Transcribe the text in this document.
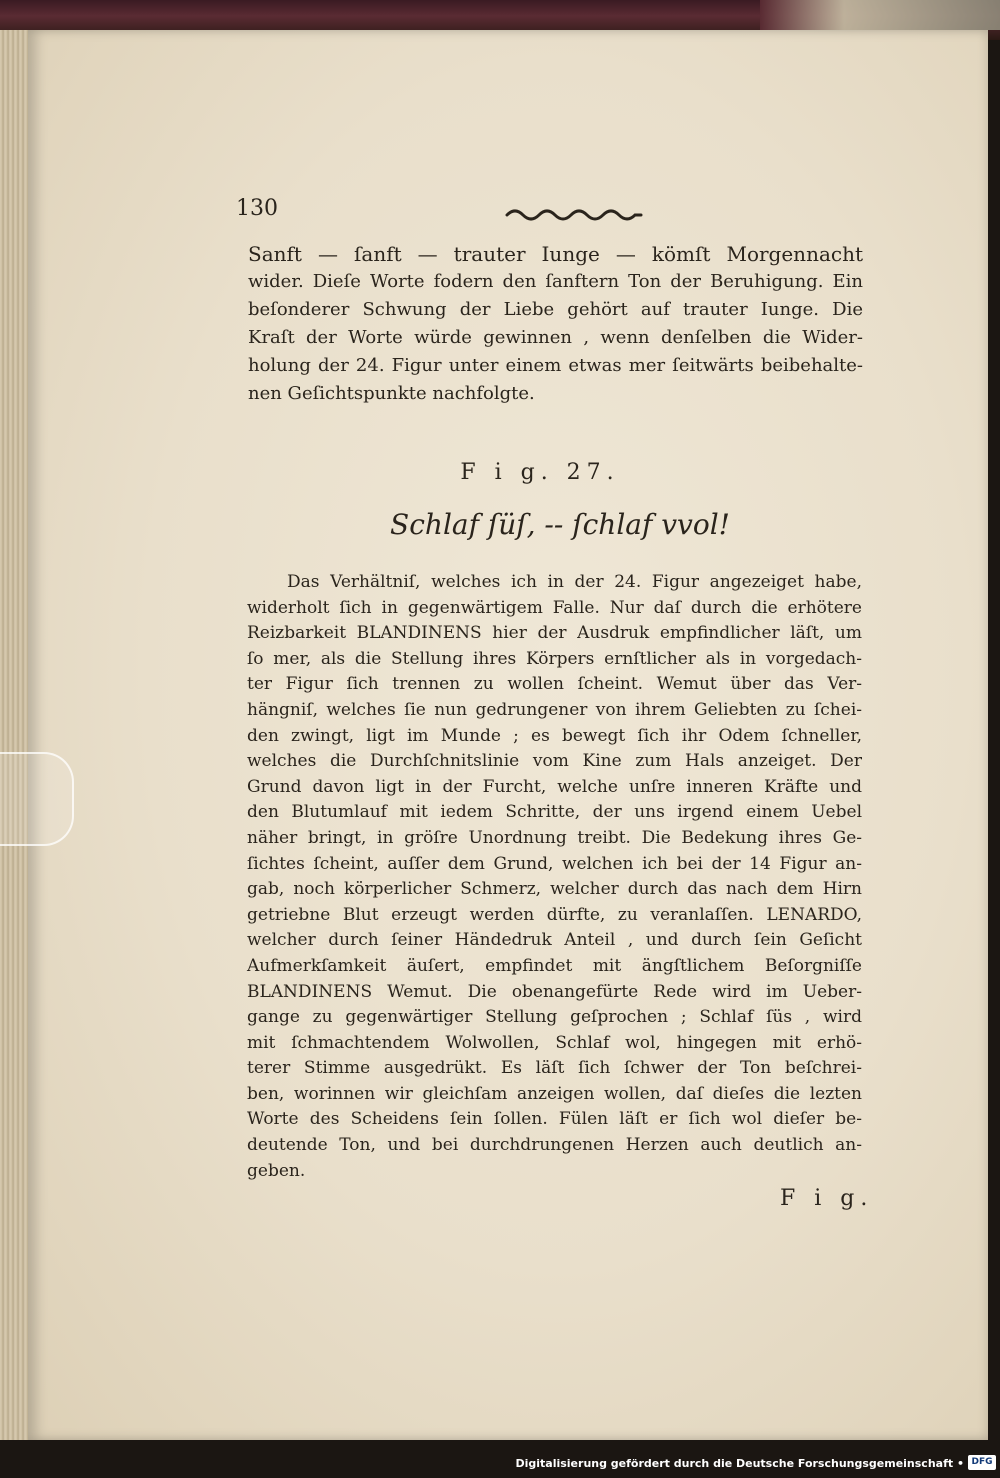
130
Sanft — ſanft — trauter Iunge — kömſt Morgennacht
wider. Dieſe Worte fodern den ſanftern Ton der Beruhigung. Ein
beſonderer Schwung der Liebe gehört auf trauter Iunge. Die
Kraſt der Worte würde gewinnen , wenn denſelben die Wider-
holung der 24. Figur unter einem etwas mer ſeitwärts beibehalte-
nen Geſichtspunkte nachfolgte.
F i g. 27.
Schlaf ſüſ, -- ſchlaf vvol!
Das Verhältniſ, welches ich in der 24. Figur angezeiget habe,
widerholt ſich in gegenwärtigem Falle. Nur daſ durch die erhötere
Reizbarkeit BLANDINENS hier der Ausdruk empfindlicher läſt, um
ſo mer, als die Stellung ihres Körpers ernſtlicher als in vorgedach-
ter Figur ſich trennen zu wollen ſcheint. Wemut über das Ver-
hängniſ, welches ſie nun gedrungener von ihrem Geliebten zu ſchei-
den zwingt, ligt im Munde ; es bewegt ſich ihr Odem ſchneller,
welches die Durchſchnitslinie vom Kine zum Hals anzeiget. Der
Grund davon ligt in der Furcht, welche unſre inneren Kräfte und
den Blutumlauf mit iedem Schritte, der uns irgend einem Uebel
näher bringt, in gröſre Unordnung treibt. Die Bedekung ihres Ge-
ſichtes ſcheint, auſſer dem Grund, welchen ich bei der 14 Figur an-
gab, noch körperlicher Schmerz, welcher durch das nach dem Hirn
getriebne Blut erzeugt werden dürfte, zu veranlaſſen. LENARDO,
welcher durch ſeiner Händedruk Anteil , und durch ſein Geſicht
Aufmerkſamkeit äuſert, empfindet mit ängſtlichem Beſorgniſſe
BLANDINENS Wemut. Die obenangefürte Rede wird im Ueber-
gange zu gegenwärtiger Stellung geſprochen ; Schlaf ſüs , wird
mit ſchmachtendem Wolwollen, Schlaf wol, hingegen mit erhö-
terer Stimme ausgedrükt. Es läſt ſich ſchwer der Ton beſchrei-
ben, worinnen wir gleichſam anzeigen wollen, daſ dieſes die lezten
Worte des Scheidens ſein ſollen. Fülen läſt er ſich wol dieſer be-
deutende Ton, und bei durchdrungenen Herzen auch deutlich an-
geben.
F i g.
Digitalisierung gefördert durch die Deutsche Forschungsgemeinschaft • DFG
